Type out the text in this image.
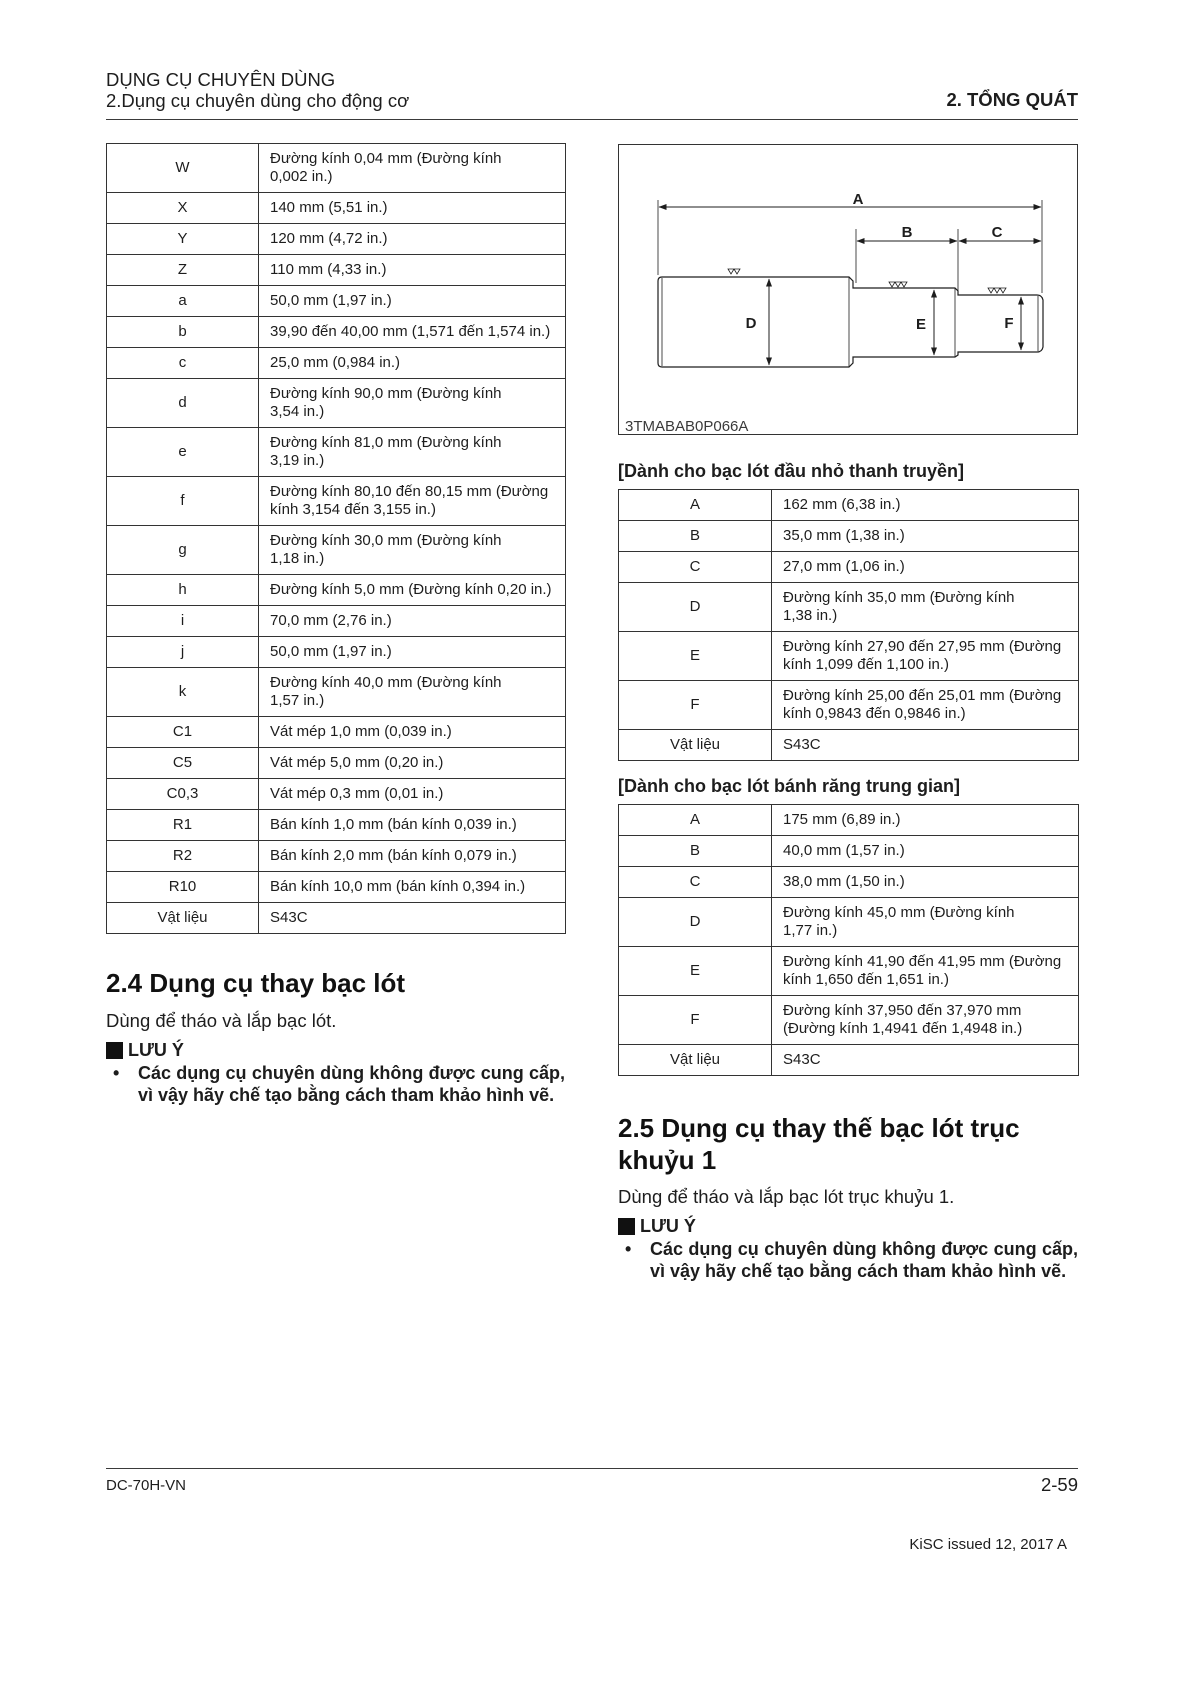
DỤNG CỤ CHUYÊN DÙNG
2.Dụng cụ chuyên dùng cho động cơ	2. TỔNG QUÁT
W	Đường kính 0,04 mm (Đường kính 0,002 in.)

X	140 mm (5,51 in.)

Y	120 mm (4,72 in.)

Z	110 mm (4,33 in.)

a	50,0 mm (1,97 in.)

b	39,90 đến 40,00 mm (1,571 đến 1,574 in.)

c	25,0 mm (0,984 in.)

d	Đường kính 90,0 mm (Đường kính 3,54 in.)

e	Đường kính 81,0 mm (Đường kính 3,19 in.)

f	Đường kính 80,10 đến 80,15 mm (Đường kính 3,154 đến 3,155 in.)

g	Đường kính 30,0 mm (Đường kính 1,18 in.)

h	Đường kính 5,0 mm (Đường kính 0,20 in.)

i	70,0 mm (2,76 in.)

j	50,0 mm (1,97 in.)

k	Đường kính 40,0 mm (Đường kính 1,57 in.)

C1	Vát mép 1,0 mm (0,039 in.)

C5	Vát mép 5,0 mm (0,20 in.)

C0,3	Vát mép 0,3 mm (0,01 in.)

R1	Bán kính 1,0 mm (bán kính 0,039 in.)

R2	Bán kính 2,0 mm (bán kính 0,079 in.)

R10	Bán kính 10,0 mm (bán kính 0,394 in.)

Vật liệu	S43C
A
B	C
D	E	F
3TMABAB0P066A
[Dành cho bạc lót đầu nhỏ thanh truyền]
A	162 mm (6,38 in.)

B	35,0 mm (1,38 in.)

C	27,0 mm (1,06 in.)

D	Đường kính 35,0 mm (Đường kính 1,38 in.)

E	Đường kính 27,90 đến 27,95 mm (Đường kính 1,099 đến 1,100 in.)

F	Đường kính 25,00 đến 25,01 mm (Đường kính 0,9843 đến 0,9846 in.)

Vật liệu	S43C
[Dành cho bạc lót bánh răng trung gian]
A	175 mm (6,89 in.)

B	40,0 mm (1,57 in.)

C	38,0 mm (1,50 in.)

D	Đường kính 45,0 mm (Đường kính 1,77 in.)

E	Đường kính 41,90 đến 41,95 mm (Đường kính 1,650 đến 1,651 in.)

F	Đường kính 37,950 đến 37,970 mm (Đường kính 1,4941 đến 1,4948 in.)

Vật liệu	S43C
2.4 Dụng cụ thay bạc lót
Dùng để tháo và lắp bạc lót.
LƯU Ý
• Các dụng cụ chuyên dùng không được cung cấp, vì vậy hãy chế tạo bằng cách tham khảo hình vẽ.
2.5 Dụng cụ thay thế bạc lót trục khuỷu 1
Dùng để tháo và lắp bạc lót trục khuỷu 1.
LƯU Ý
• Các dụng cụ chuyên dùng không được cung cấp, vì vậy hãy chế tạo bằng cách tham khảo hình vẽ.
DC-70H-VN	2-59
KiSC issued 12, 2017 A
